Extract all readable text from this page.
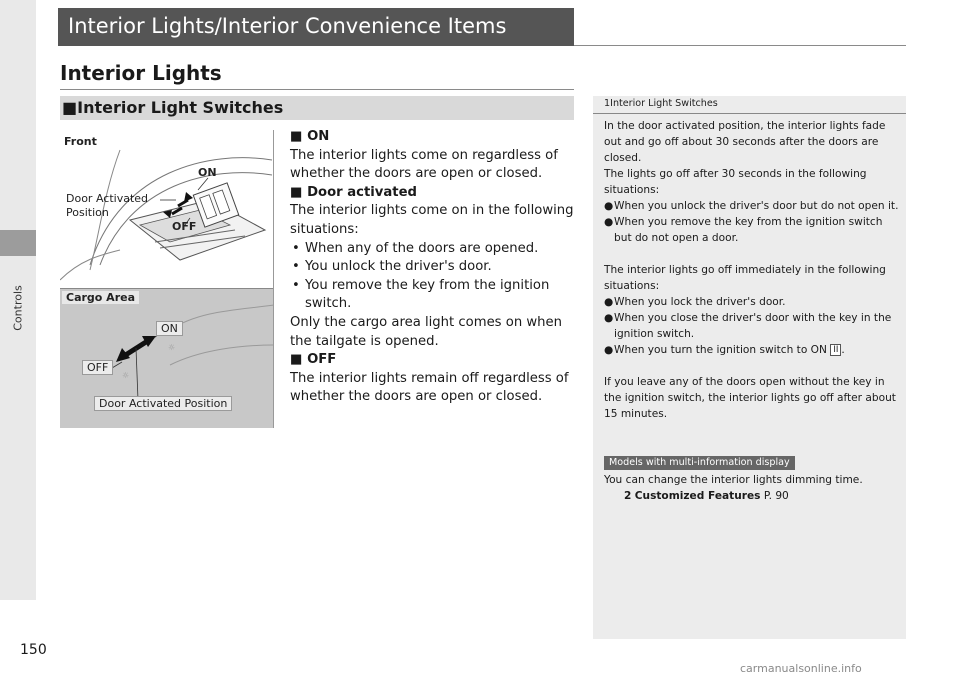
Controls
Interior Lights/Interior Convenience Items
Interior Lights
■Interior Light Switches
☼
☼
Front
ON
OFF
Door Activated
Position
Cargo Area
ON
OFF
Door Activated Position
■ ON
The interior lights come on regardless of whether the doors are open or closed.
■ Door activated
The interior lights come on in the following situations:
• When any of the doors are opened.
• You unlock the driver's door.
• You remove the key from the ignition switch.
Only the cargo area light comes on when the tailgate is opened.
■ OFF
The interior lights remain off regardless of whether the doors are open or closed.
1Interior Light Switches
In the door activated position, the interior lights fade out and go off about 30 seconds after the doors are closed.
The lights go off after 30 seconds in the following situations:
● When you unlock the driver's door but do not open it.
● When you remove the key from the ignition switch but do not open a door.
The interior lights go off immediately in the following situations:
● When you lock the driver's door.
● When you close the driver's door with the key in the ignition switch.
● When you turn the ignition switch to ON II .
If you leave any of the doors open without the key in the ignition switch, the interior lights go off after about 15 minutes.
Models with multi-information display
You can change the interior lights dimming time.
2 Customized Features P. 90
150
carmanualsonline.info
